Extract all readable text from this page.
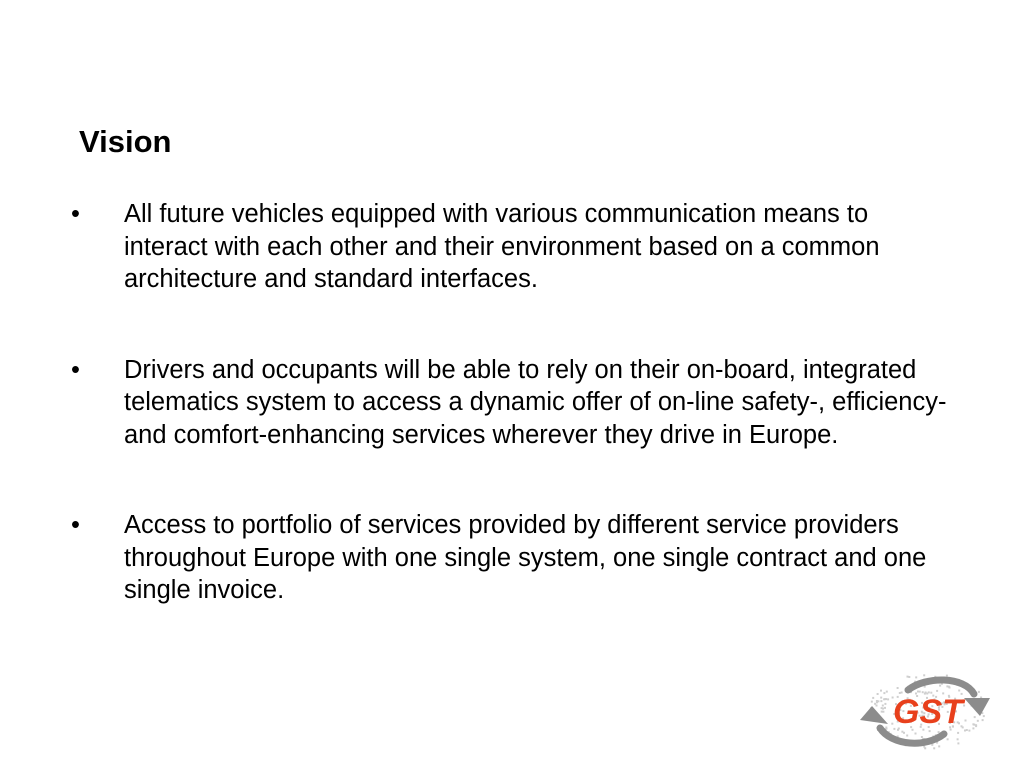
Vision
• All future vehicles equipped with various communication means to interact with each other and their environment based on a common architecture and standard interfaces.
• Drivers and occupants will be able to rely on their on-board, integrated telematics system to access a dynamic offer of on-line safety-, efficiency- and comfort-enhancing services wherever they drive in Europe.
• Access to portfolio of services provided by different service providers throughout Europe with one single system, one single contract and one single invoice.
GST
